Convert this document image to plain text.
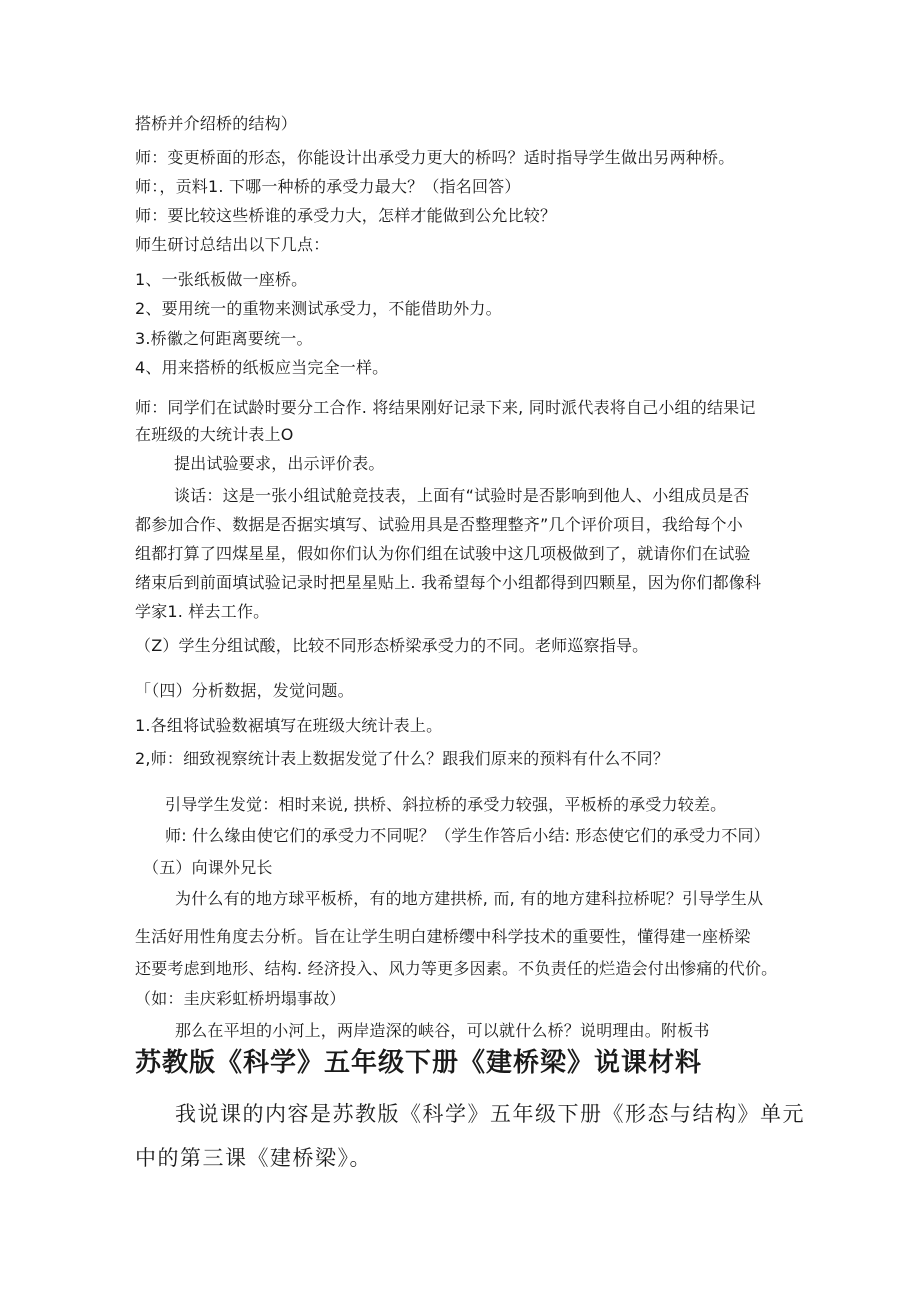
搭桥并介绍桥的结构）
师：变更桥面的形态，你能设计出承受力更大的桥吗？适时指导学生做出另两种桥。
师：，贡料1. 下哪一种桥的承受力最大？（指名回答）
师：要比较这些桥谁的承受力大，怎样才能做到公允比较？
师生研讨总结出以下几点：
1、一张纸板做一座桥。
2、要用统一的重物来测试承受力，不能借助外力。
3.桥徽之何距离要统一。
4、用来搭桥的纸板应当完全一样。
师：同学们在试龄时要分工合作. 将结果刚好记录下来, 同时派代表将自己小组的结果记
在班级的大统计表上O
提出试验要求，出示评价表。
谈话：这是一张小组试舱竞技表，上面有“试验时是否影响到他人、小组成员是否
都参加合作、数据是否据实填写、试验用具是否整理整齐”几个评价项目，我给每个小
组都打算了四煤星星，假如你们认为你们组在试骏中这几项极做到了，就请你们在试验
绪束后到前面填试验记录时把星星贴上. 我希望每个小组都得到四颗星，因为你们都像科
学家1. 样去工作。
（Z）学生分组试酸，比较不同形态桥梁承受力的不同。老师巡察指导。
「（四）分析数据，发觉问题。
1.各组将试验数裾填写在班级大统计表上。
2,师：细致视察统计表上数据发觉了什么？跟我们原来的预料有什么不同？
引导学生发觉：相时来说, 拱桥、斜拉桥的承受力较强，平板桥的承受力较差。
师: 什么缘由使它们的承受力不同呢？（学生作答后小结: 形态使它们的承受力不同）
（五）向课外兄长
为什么有的地方球平板桥，有的地方建拱桥, 而, 有的地方建科拉桥呢？引导学生从
生活好用性角度去分析。旨在让学生明白建桥缨中科学技术的重要性，懂得建一座桥梁
还要考虑到地形、结构. 经济投入、风力等更多因素。不负责任的烂造会付出惨痛的代价。
（如：圭庆彩虹桥坍塌事故）
那么在平坦的小河上，两岸造深的峡谷，可以就什么桥？说明理由。附板书
苏教版《科学》五年级下册《建桥梁》说课材料
我说课的内容是苏教版《科学》五年级下册《形态与结构》单元
中的第三课《建桥梁》。
